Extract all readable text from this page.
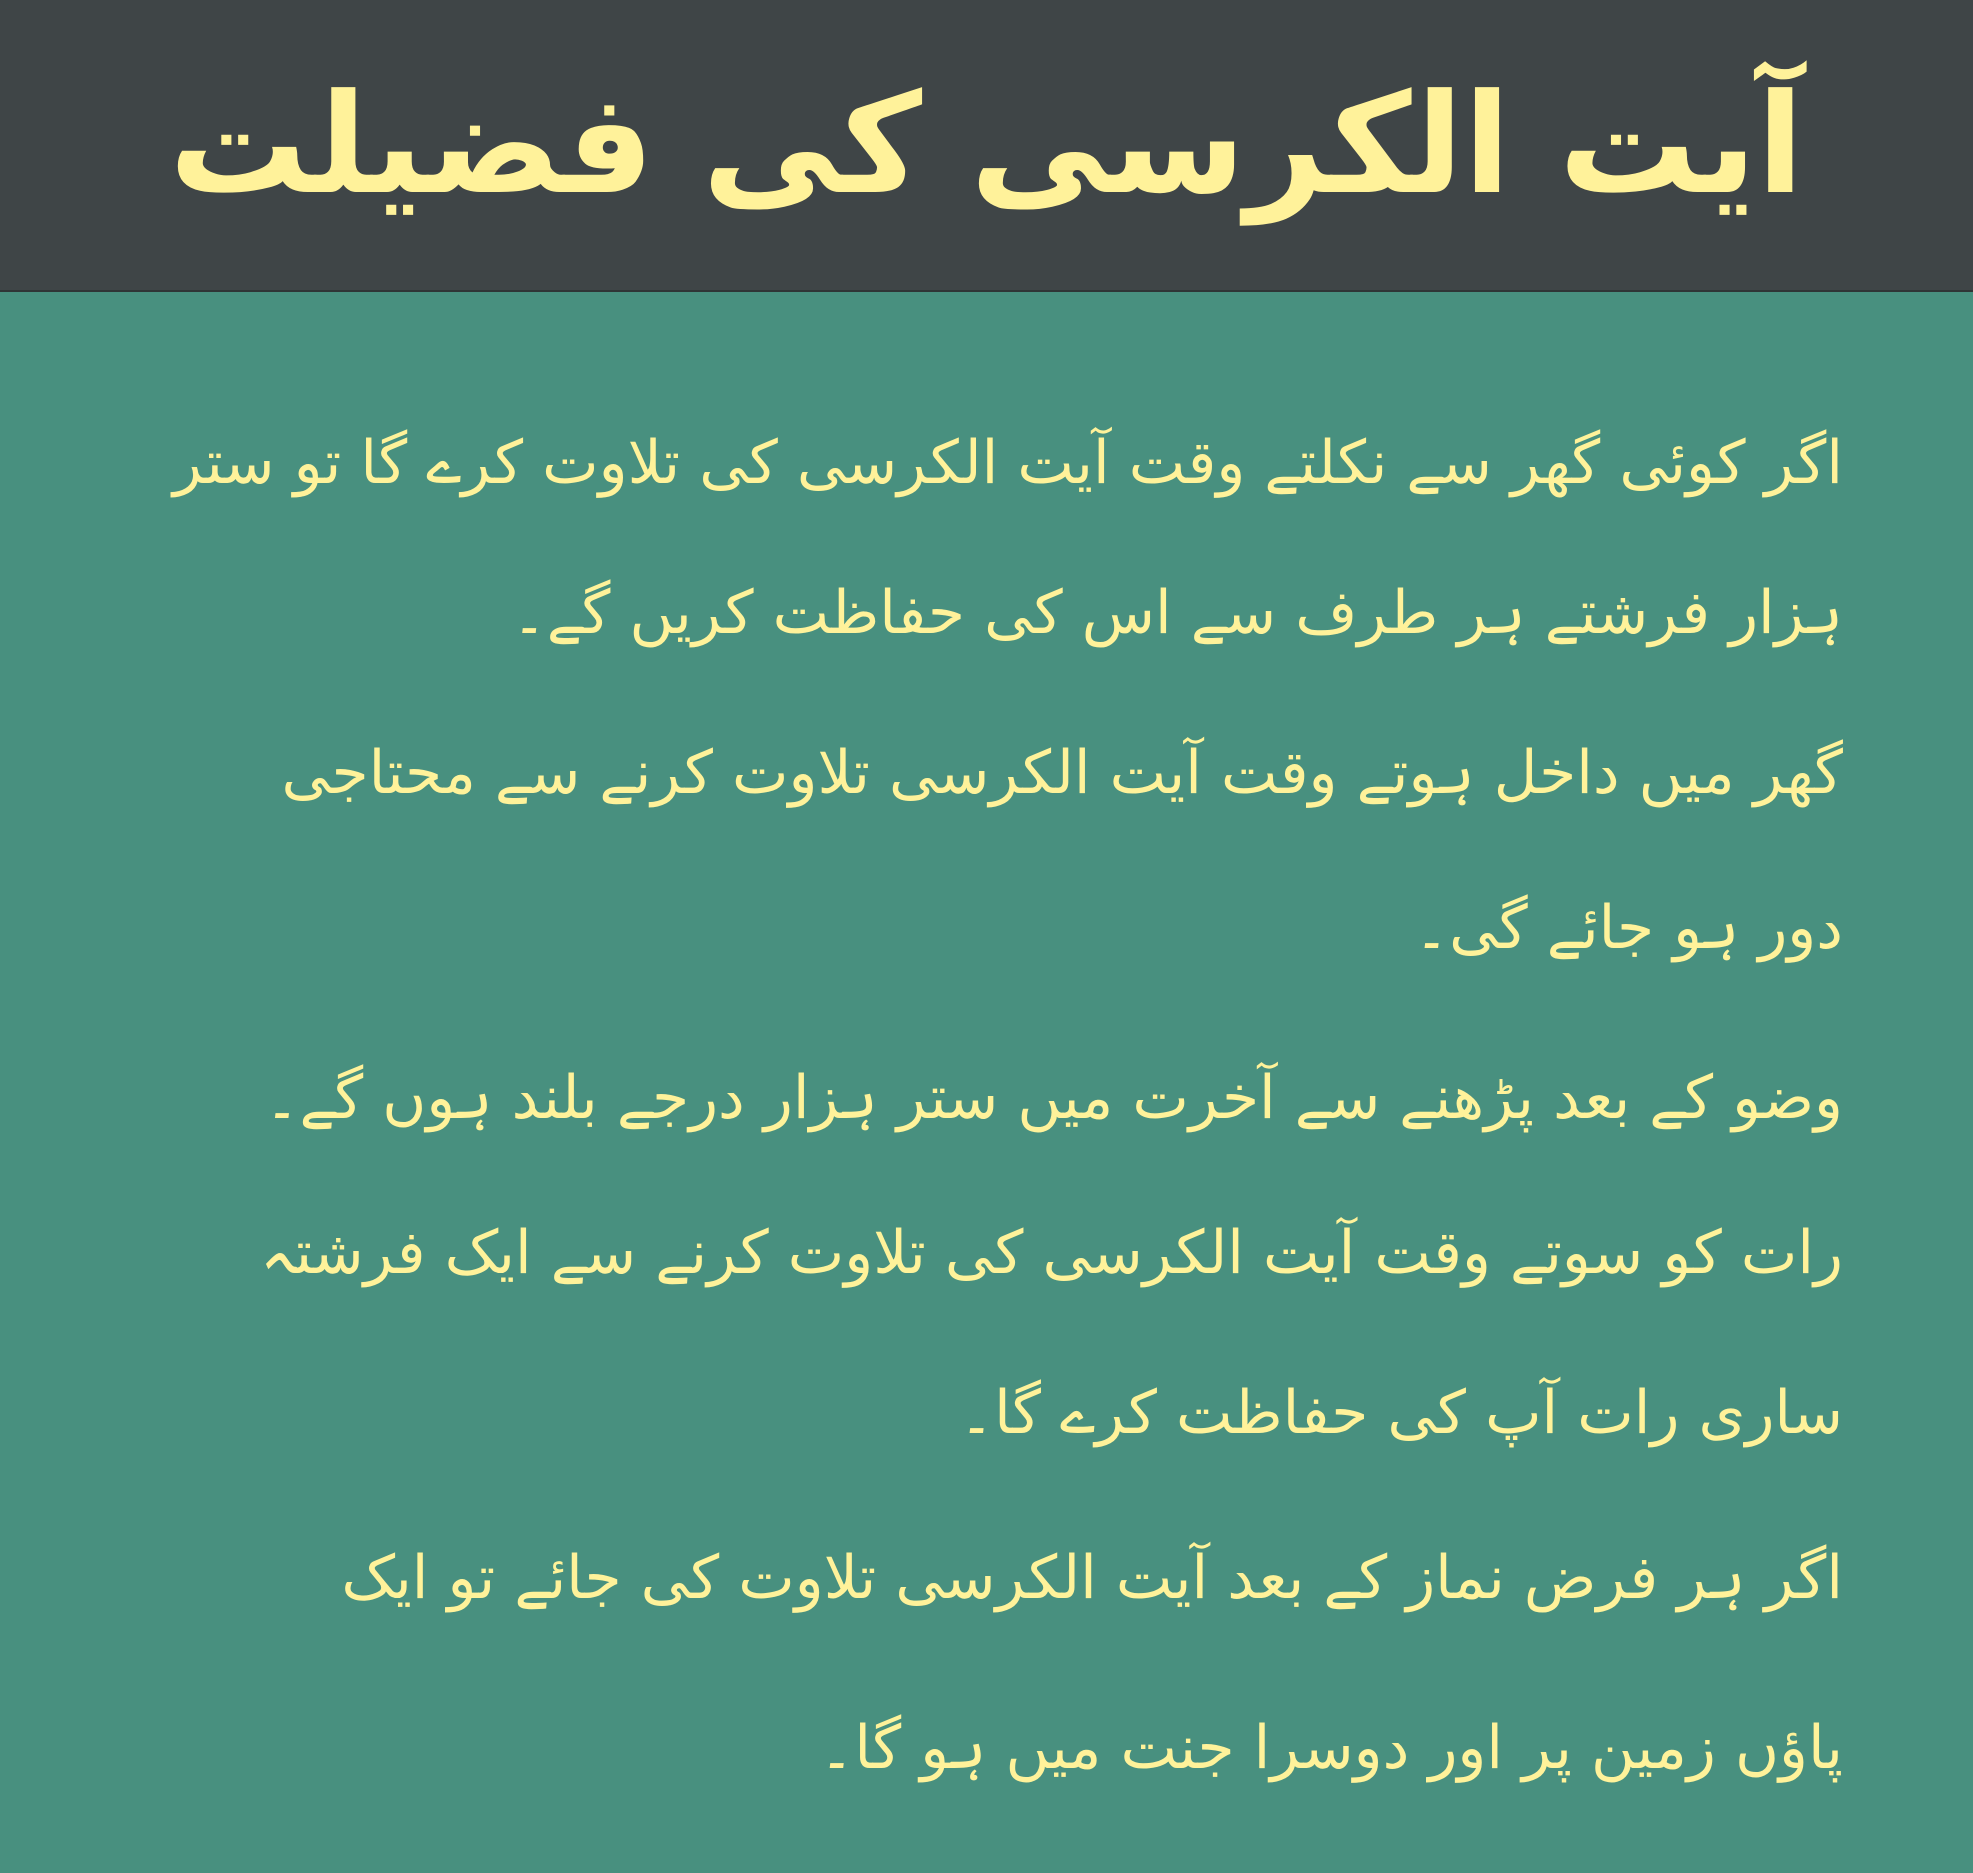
آیت الکرسی کی فضیلت

اگر کوئی گھر سے نکلتے وقت آیت الکرسی کی تلاوت کرے گا تو ستر

ہزار فرشتے ہر طرف سے اس کی حفاظت کریں گے۔

گھر میں داخل ہوتے وقت آیت الکرسی تلاوت کرنے سے محتاجی

دور ہو جائے گی۔

وضو کے بعد پڑھنے سے آخرت میں ستر ہزار درجے بلند ہوں گے۔

رات کو سوتے وقت آیت الکرسی کی تلاوت کرنے سے ایک فرشتہ

ساری رات آپ کی حفاظت کرے گا۔

اگر ہر فرض نماز کے بعد آیت الکرسی تلاوت کی جائے تو ایک

پاؤں زمین پر اور دوسرا جنت میں ہو گا۔
